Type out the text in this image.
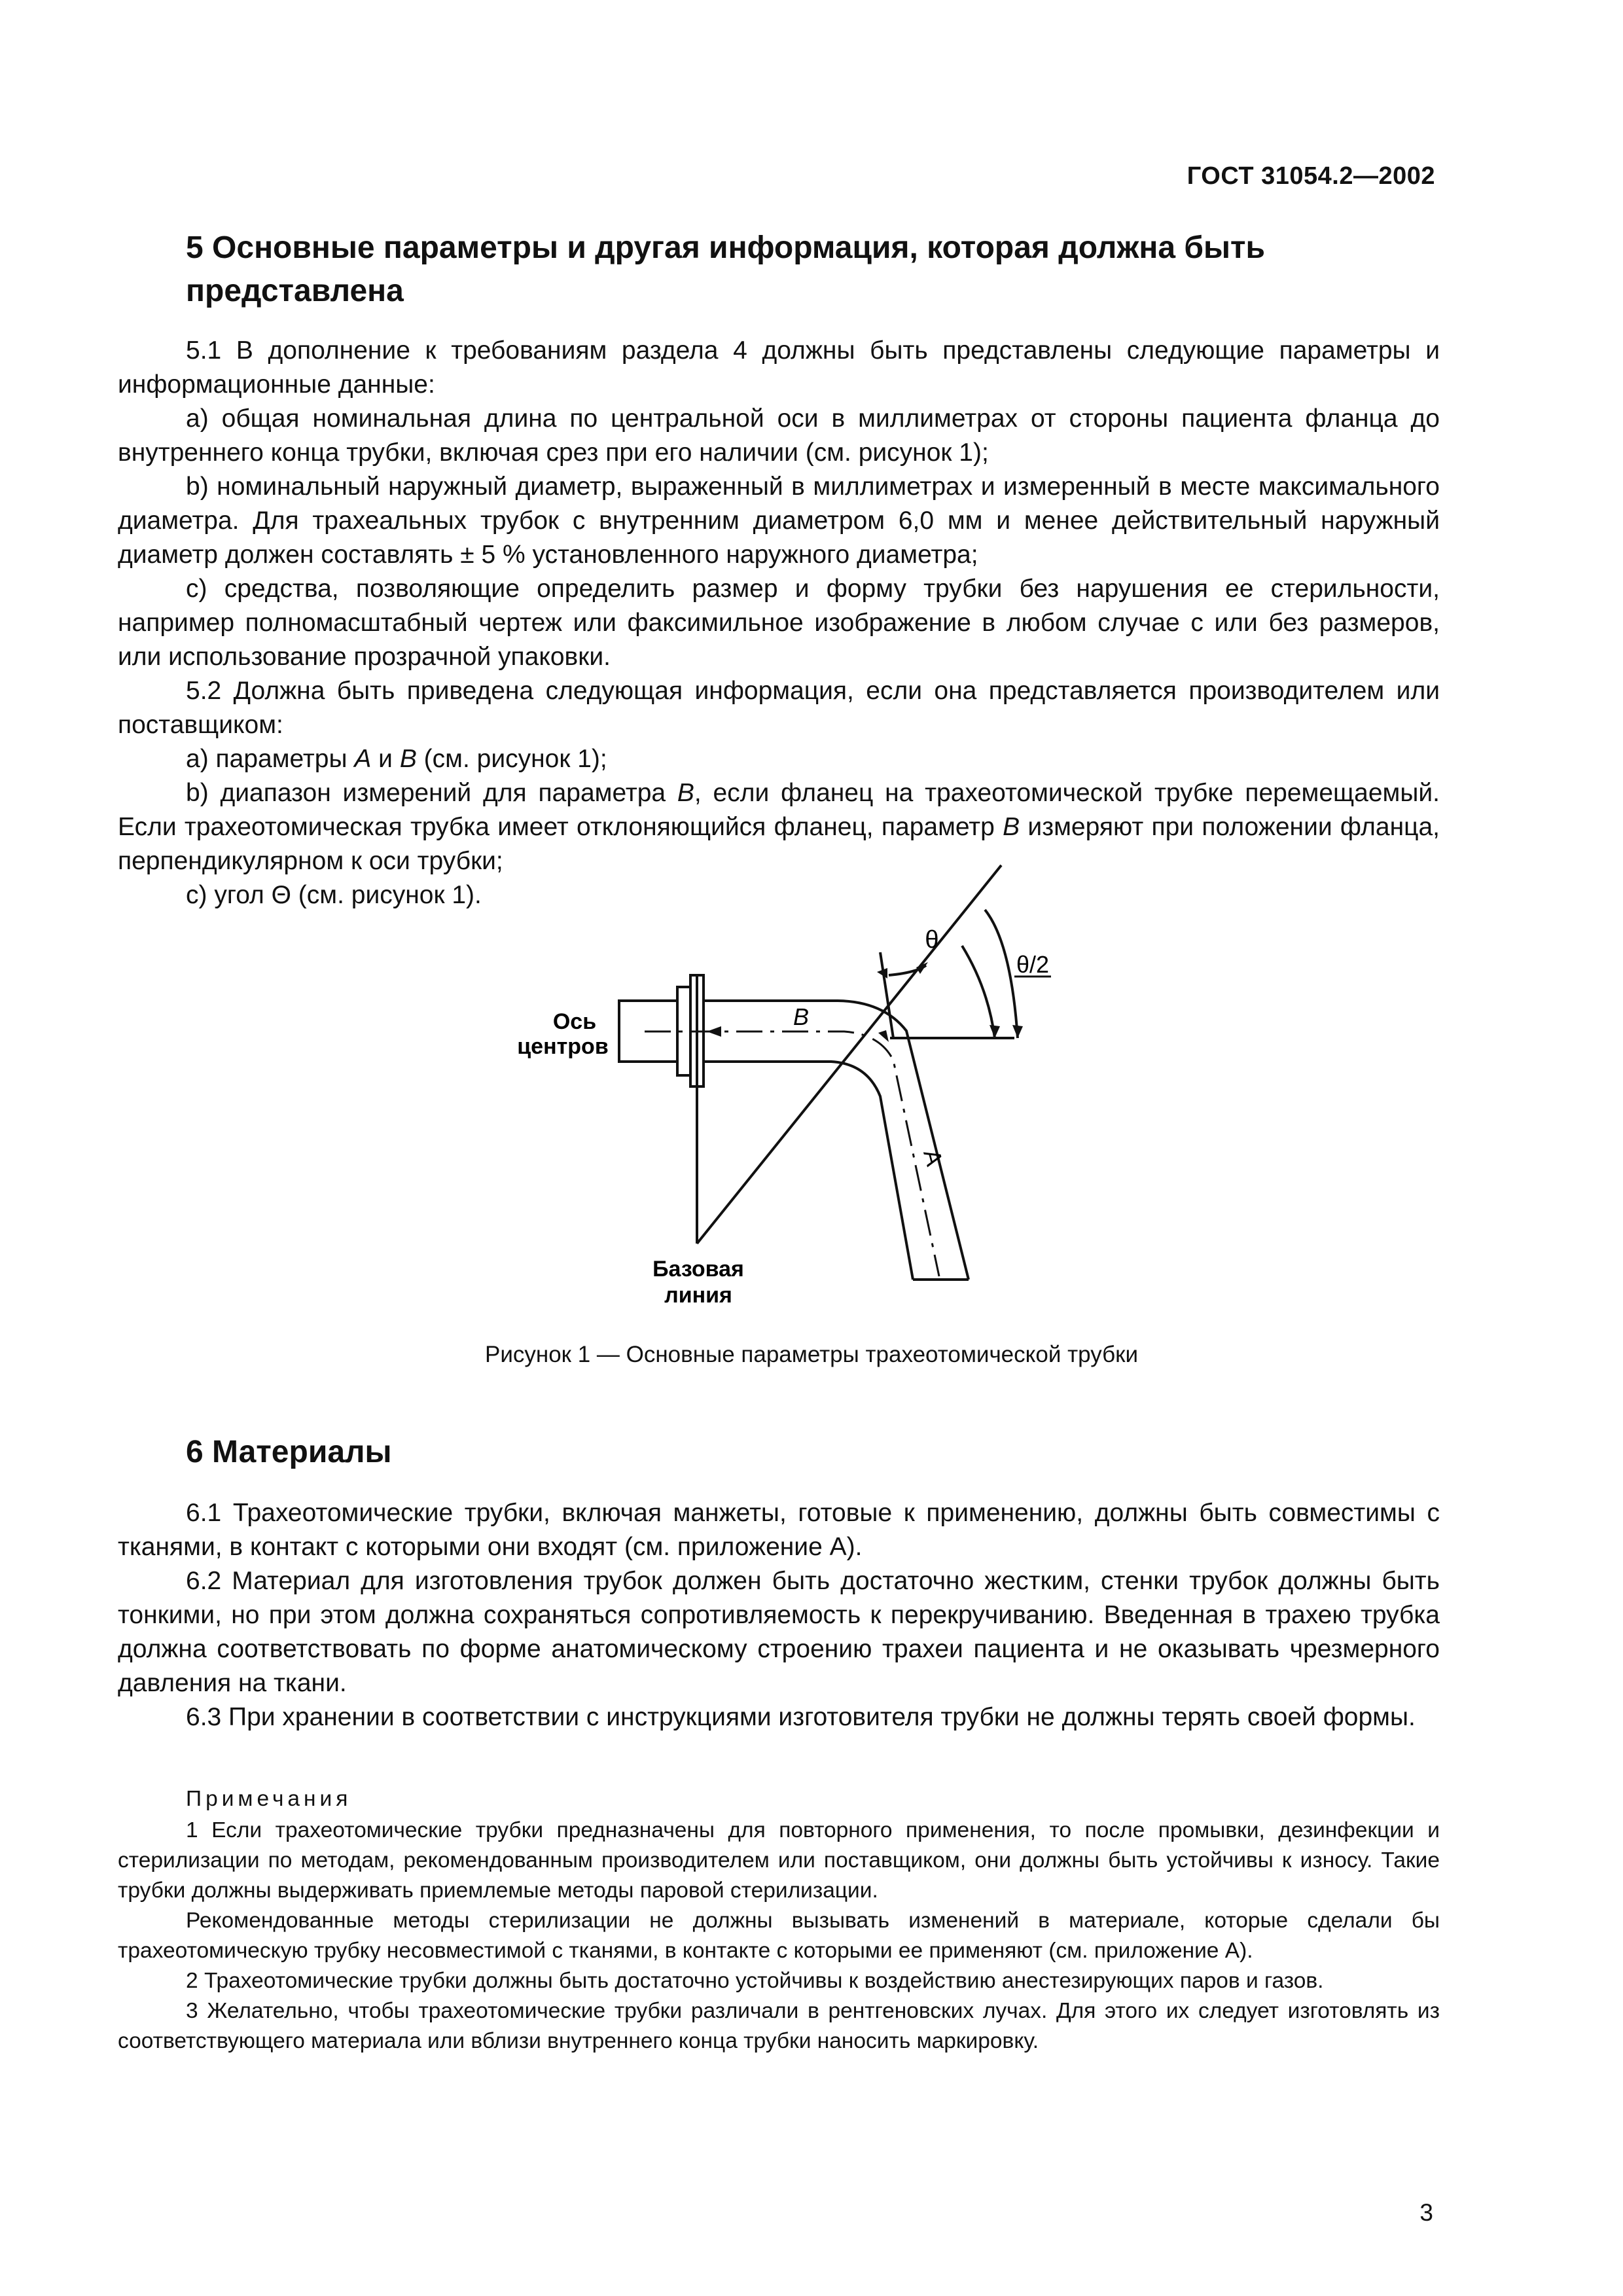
ГОСТ 31054.2—2002
5 Основные параметры и другая информация, которая должна быть
представлена

5.1 В дополнение к требованиям раздела 4 должны быть представлены следующие параметры и информационные данные:

a) общая номинальная длина по центральной оси в миллиметрах от стороны пациента фланца до внутреннего конца трубки, включая срез при его наличии (см. рисунок 1);

b) номинальный наружный диаметр, выраженный в миллиметрах и измеренный в месте максимального диаметра. Для трахеальных трубок с внутренним диаметром 6,0 мм и менее действительный наружный диаметр должен составлять ± 5 % установленного наружного диаметра;

c) средства, позволяющие определить размер и форму трубки без нарушения ее стерильности, например полномасштабный чертеж или факсимильное изображение в любом случае с или без размеров, или использование прозрачной упаковки.

5.2 Должна быть приведена следующая информация, если она представляется производителем или поставщиком:

a) параметры A и B (см. рисунок 1);

b) диапазон измерений для параметра B, если фланец на трахеотомической трубке перемещаемый. Если трахеотомическая трубка имеет отклоняющийся фланец, параметр B измеряют при положении фланца, перпендикулярном к оси трубки;

c) угол Θ (см. рисунок 1).

Ось
центров
B
A
θ
θ/2
Базовая
линия
Рисунок 1 — Основные параметры трахеотомической трубки
6 Материалы

6.1 Трахеотомические трубки, включая манжеты, готовые к применению, должны быть совместимы с тканями, в контакт с которыми они входят (см. приложение A).

6.2 Материал для изготовления трубок должен быть достаточно жестким, стенки трубок должны быть тонкими, но при этом должна сохраняться сопротивляемость к перекручиванию. Введенная в трахею трубка должна соответствовать по форме анатомическому строению трахеи пациента и не оказывать чрезмерного давления на ткани.

6.3 При хранении в соответствии с инструкциями изготовителя трубки не должны терять своей формы.

Примечания

1 Если трахеотомические трубки предназначены для повторного применения, то после промывки, дезинфекции и стерилизации по методам, рекомендованным производителем или поставщиком, они должны быть устойчивы к износу. Такие трубки должны выдерживать приемлемые методы паровой стерилизации.

Рекомендованные методы стерилизации не должны вызывать изменений в материале, которые сделали бы трахеотомическую трубку несовместимой с тканями, в контакте с которыми ее применяют (см. приложение A).

2 Трахеотомические трубки должны быть достаточно устойчивы к воздействию анестезирующих паров и газов.

3 Желательно, чтобы трахеотомические трубки различали в рентгеновских лучах. Для этого их следует изготовлять из соответствующего материала или вблизи внутреннего конца трубки наносить маркировку.

3
